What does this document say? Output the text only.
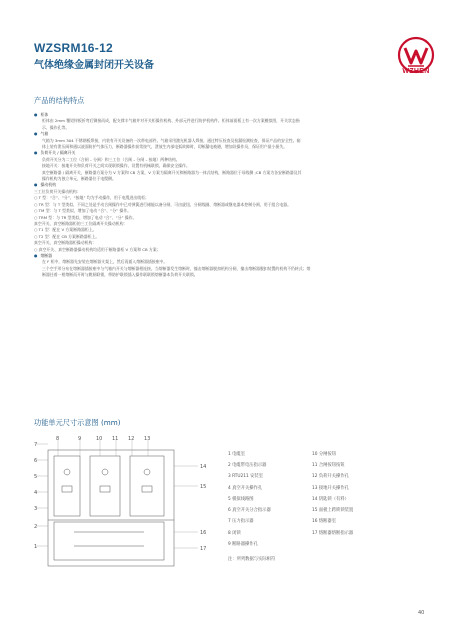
WZSRM16-12
气体绝缘金属封闭开关设备
WZHEN
产品的结构特点

● 柜体

柜体由 2mm 覆铝锌板折弯后铆接而成，配支撑丰气箱并对开关柜操作机构、外部元件进行防护机构件。柜体前面板上有一次方案模拟图，开关状态指

示、操作孔等。

● 气箱

气箱为 3mm 304 不锈钢板焊接，内装有开关设备的一次带电部件。气箱采用激光机器人焊接，通过特压检查及检漏检测检查，保证产品的安全性。箱

体上装有泄压阀和通以液面防护气体压力，断路器操作前常按气，泄放生内部电弧故障时，切断漏电被避，增加设操作员，保证用户最小损失。

● 负荷开关 / 隔离开关

负荷开关分为二工位（合闸 – 分闸）和三工位（合闸 – 分闸 – 接地）两种结构。

接地开关：接地开关和负荷开关之间实现联锁操作，设置有机械联锁，确保安全操作。

真空断路器 / 隔离开关，断路器方案分为 V 方案和 CB 方案，V 方案为隔离开关和断路器为一体式结构，断路器位于母线侧 ;CB 方案为各安断路器及其

操作机构为独立单元，断路器位于电缆侧。

● 操动机构

三工位负荷开关操动机构：

○ T 型：“合”、“分”、“接地” 均为手动操作，用于电缆进出线柜；

○ TR 型：与 T 型类似，不同之处是手动合闸操作中已对弹簧进行储能以备分闸，可由旋钮、分闸线圈、熔断器或继电器本控制分闸，用于组合电器。

○ TM 型：与 T 型类似，增加了电动 “合”、“分” 操作。

○ TRM 型：与 TR 型类似，增加了电动 “合”、“分” 操作。

真空开关、真空断路器柜的三工位隔离开关操动机构：

○ T1 型：配在 V 方案断路器柜上。

○ T2 型：配在 CB 方案断路器柜上。

真空开关、真空断路器柜操动机构：

○ 真空开关、真空断路器操动机构均适用于断路器柜 V 方案和 CB 方案；

● 熔断器

在 F 柜中，熔断器先安装在熔断器支架上，然后再插入熔断器插接座中。

三个空手形分布在熔断器插接座中与气箱内开关与熔断器相连接，当熔断器发生熔断时，撞击熔断器脱扣机构分闸，撞击熔断器脱扣装置的机构不仍转式；熔

断器任着一相熔断而开时与跳闸联锁，带防护联锁插入操作联联锁熔断器本负荷开关联锁。

功能单元尺寸示意图 (mm)
8	9	10 11 12 13
7
6
5
4
3
2
1
14
15
16
17
1 电缆室	10 分闸按钮
2 电缆带电压指示器	11 合闸按钮按钮
3 RTU211 安装室	12 负荷开关操作孔
4 真空开关操作孔	13 接地开关操作孔
5 模拟线路图	14 钥匙锁（有料）
6 真空开关分合指示器	15 面板上跨锁锁装置
7 压力指示器	16 熔断器室
8 闭锁	17 熔断器熔断指示器
9 断路器操作孔
注：所列数据与实际相符
40
